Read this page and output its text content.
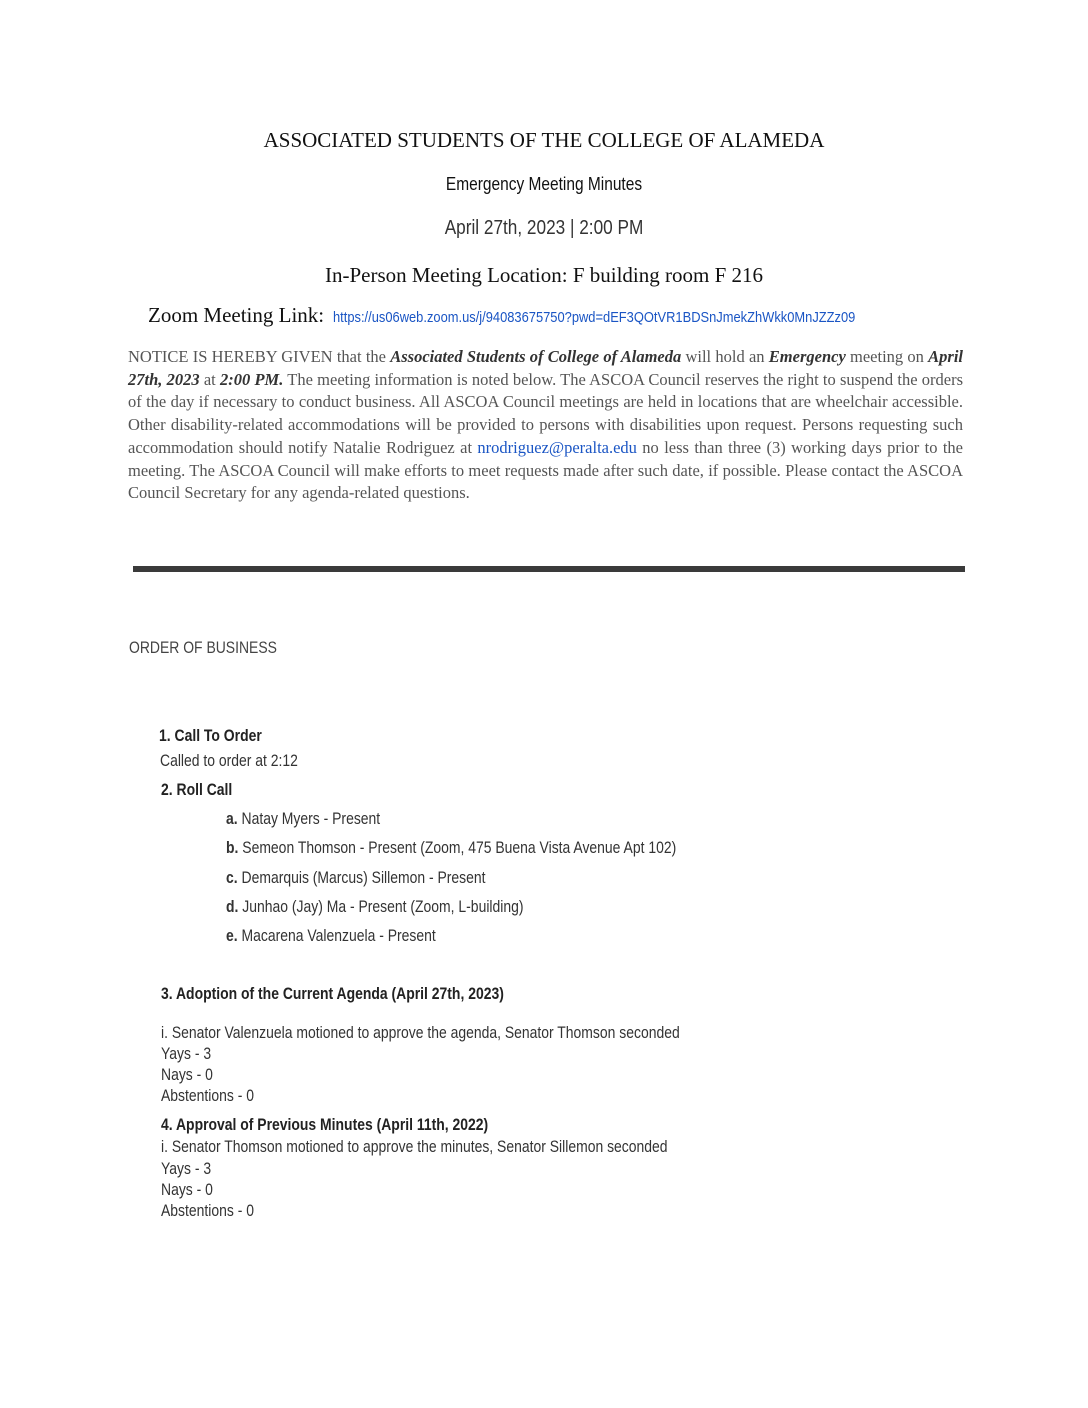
ASSOCIATED STUDENTS OF THE COLLEGE OF ALAMEDA
Emergency Meeting Minutes
April 27th, 2023 | 2:00 PM
In-Person Meeting Location: F building room F 216
Zoom Meeting Link: https://us06web.zoom.us/j/94083675750?pwd=dEF3QOtVR1BDSnJmekZhWkk0MnJZZz09

NOTICE IS HEREBY GIVEN that the Associated Students of College of Alameda will hold an Emergency meeting on April 27th, 2023 at 2:00 PM. The meeting information is noted below. The ASCOA Council reserves the right to suspend the orders of the day if necessary to conduct business. All ASCOA Council meetings are held in locations that are wheelchair accessible. Other disability-related accommodations will be provided to persons with disabilities upon request. Persons requesting such accommodation should notify Natalie Rodriguez at nrodriguez@peralta.edu no less than three (3) working days prior to the meeting. The ASCOA Council will make efforts to meet requests made after such date, if possible. Please contact the ASCOA Council Secretary for any agenda-related questions.

ORDER OF BUSINESS
1. Call To Order
Called to order at 2:12
2. Roll Call
a. Natay Myers - Present
b. Semeon Thomson - Present (Zoom, 475 Buena Vista Avenue Apt 102)
c. Demarquis (Marcus) Sillemon - Present
d. Junhao (Jay) Ma - Present (Zoom, L-building)
e. Macarena Valenzuela - Present
3. Adoption of the Current Agenda (April 27th, 2023)
i. Senator Valenzuela motioned to approve the agenda, Senator Thomson seconded
Yays - 3
Nays - 0
Abstentions - 0
4. Approval of Previous Minutes (April 11th, 2022)
i. Senator Thomson motioned to approve the minutes, Senator Sillemon seconded
Yays - 3
Nays - 0
Abstentions - 0
